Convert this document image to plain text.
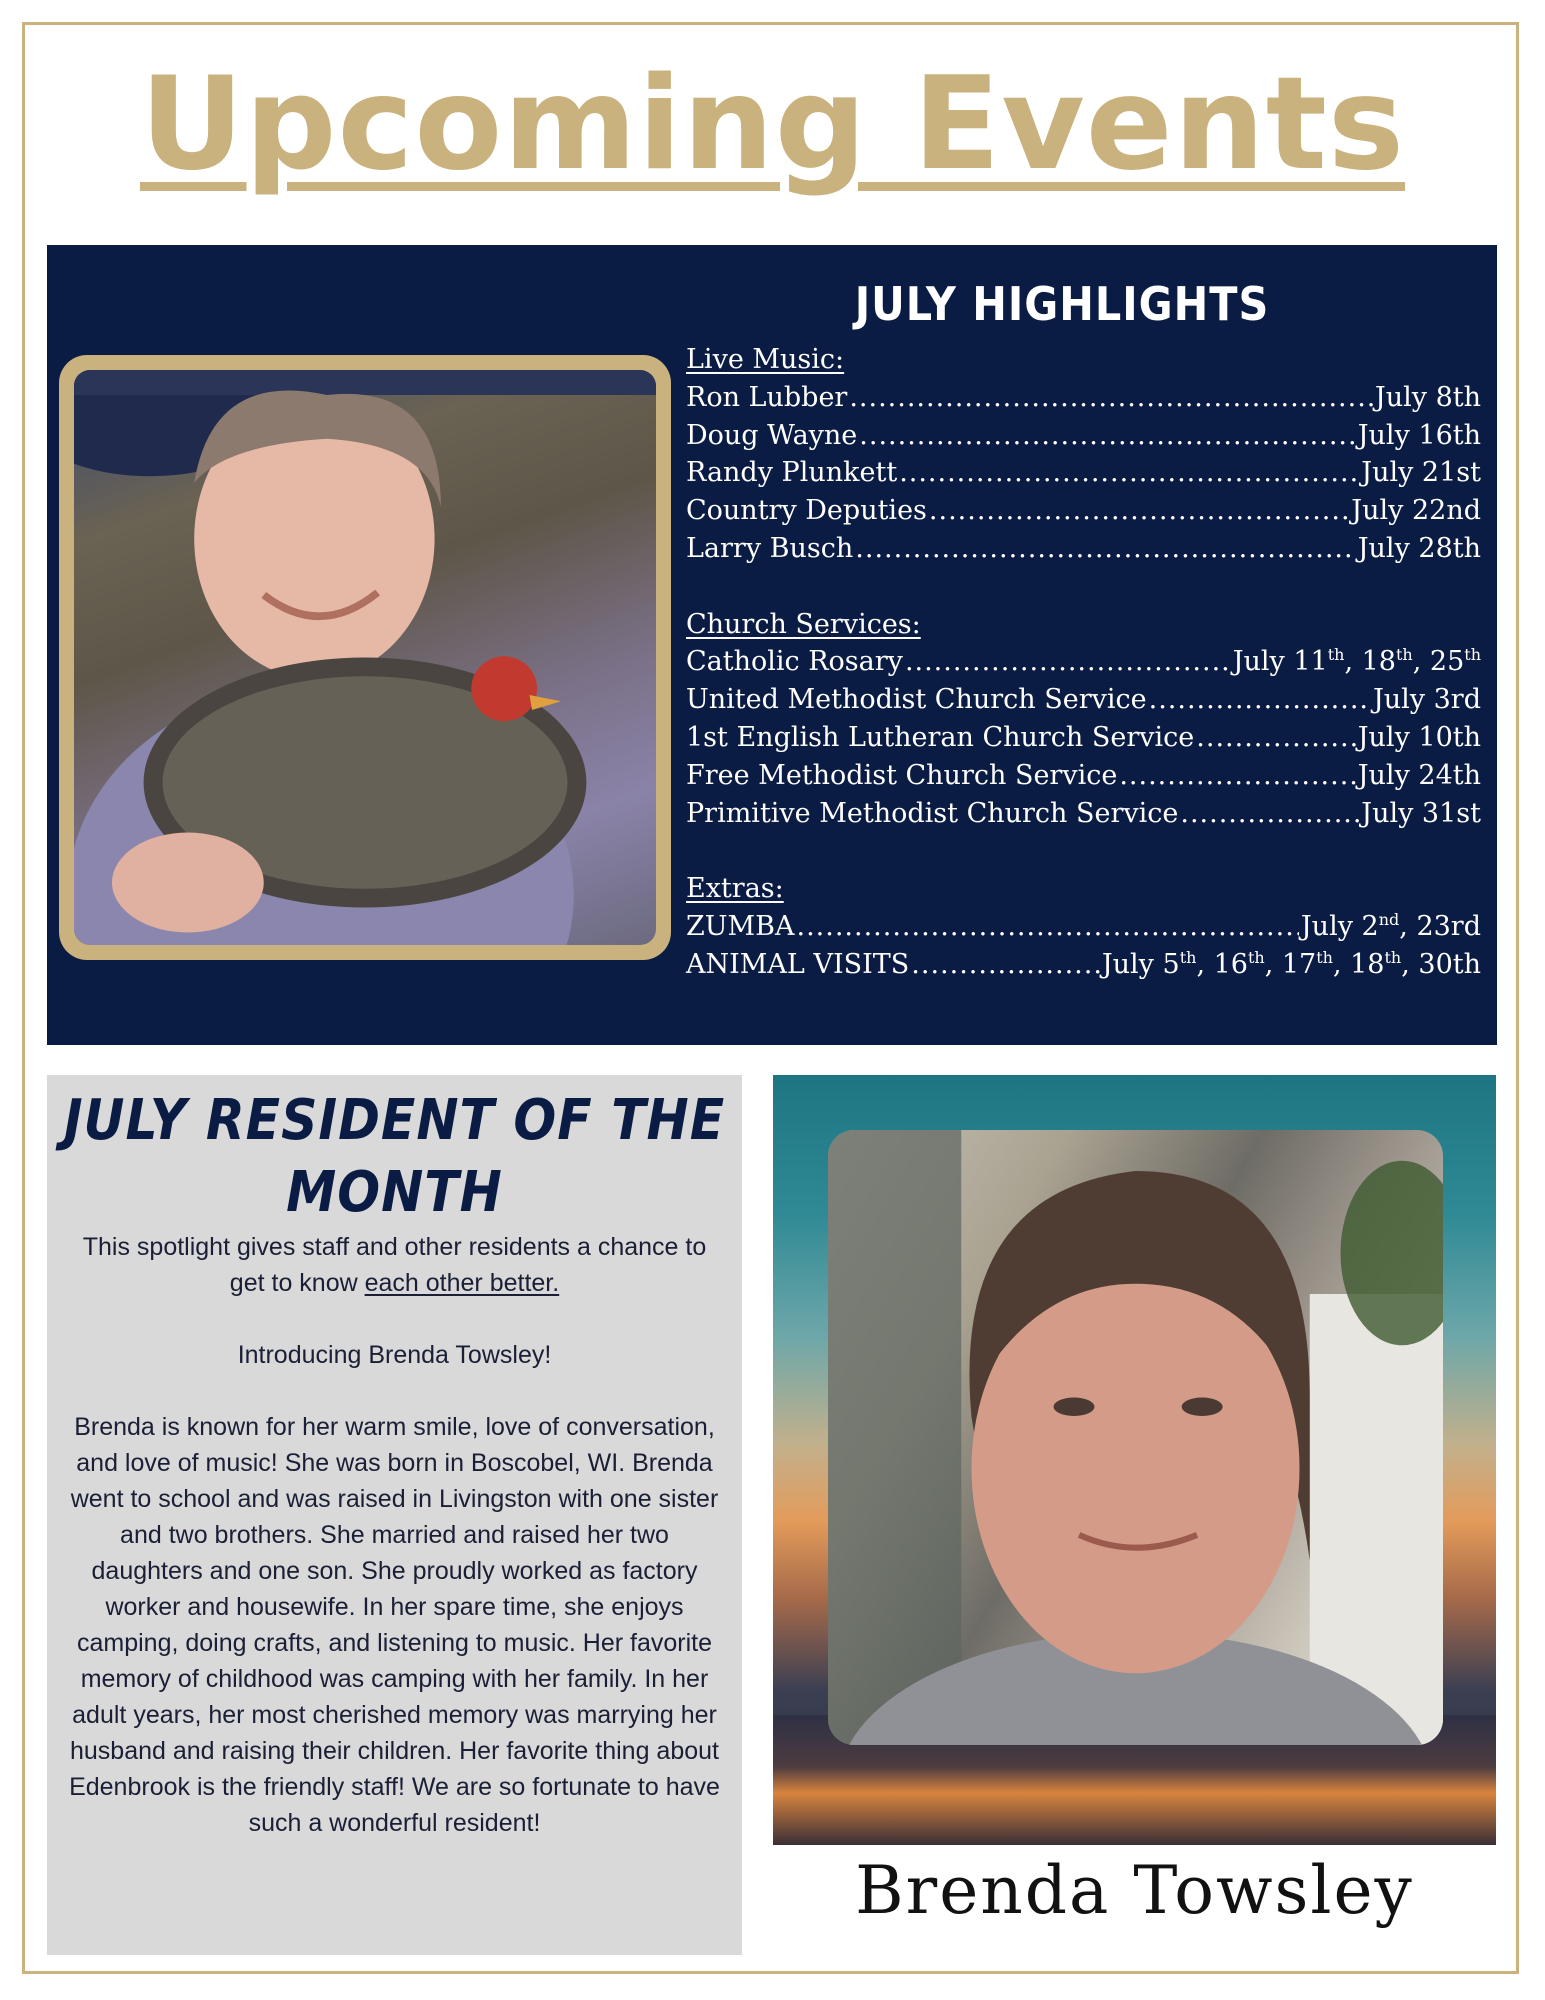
Upcoming Events
JULY HIGHLIGHTS
Live Music:
Ron Lubber .....	July 8th
Doug Wayne .....	July 16th
Randy Plunkett .....	July 21st
Country Deputies .....	July 22nd
Larry Busch .....	July 28th
Church Services:
Catholic Rosary .....	July 11th, 18th, 25th
United Methodist Church Service .....	July 3rd
1st English Lutheran Church Service .....	July 10th
Free Methodist Church Service .....	July 24th
Primitive Methodist Church Service .....	July 31st
Extras:
ZUMBA .....	July 2nd, 23rd
ANIMAL VISITS .....	July 5th, 16th, 17th, 18th, 30th
JULY RESIDENT OF THE
MONTH

This spotlight gives staff and other residents a chance to get to know each other better.

Introducing Brenda Towsley!

Brenda is known for her warm smile, love of conversation, and love of music! She was born in Boscobel, WI. Brenda went to school and was raised in Livingston with one sister and two brothers. She married and raised her two daughters and one son. She proudly worked as factory worker and housewife. In her spare time, she enjoys camping, doing crafts, and listening to music. Her favorite memory of childhood was camping with her family. In her adult years, her most cherished memory was marrying her husband and raising their children. Her favorite thing about Edenbrook is the friendly staff! We are so fortunate to have such a wonderful resident!

Brenda Towsley
